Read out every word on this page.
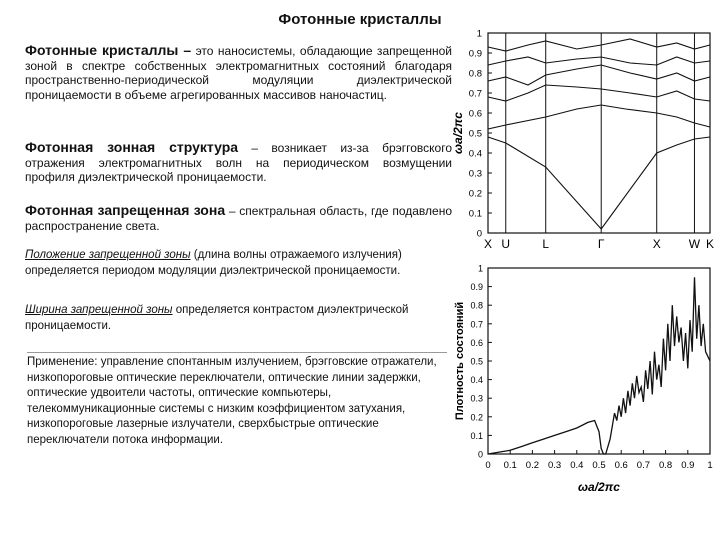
Фотонные кристаллы
Фотонные кристаллы – это наносистемы, обладающие запрещенной зоной в спектре собственных электромагнитных состояний благодаря пространственно-периодической модуляции диэлектрической проницаемости в объеме агрегированных массивов наночастиц.
Фотонная зонная структура – возникает из-за брэгговского отражения электромагнитных волн на периодическом возмущении профиля диэлектрической проницаемости.
Фотонная запрещенная зона – спектральная область, где подавлено распространение света.
Положение запрещенной зоны (длина волны отражаемого излучения) определяется периодом модуляции диэлектрической проницаемости.
Ширина запрещенной зоны определяется контрастом диэлектрической проницаемости.
Применение: управление спонтанным излучением, брэгговские отражатели, низкопороговые оптические переключатели, оптические линии задержки, оптические удвоители частоты, оптические компьютеры, телекоммуникационные системы с низким коэффициентом затухания, низкопороговые лазерные излучатели, сверхбыстрые оптические переключатели потока информации.
X U	L	Γ	X W K
0
0.1
0.2
0.3
0.4
0.5
0.6
0.7
0.8
0.9
1
ωa/2πc
0 0.1 0.2 0.3 0.4 0.5 0.6 0.7 0.8 0.9 1
0
0.1
0.2
0.3
0.4
0.5
0.6
0.7
0.8
0.9
1
ωa/2πc
Плотность состояний
